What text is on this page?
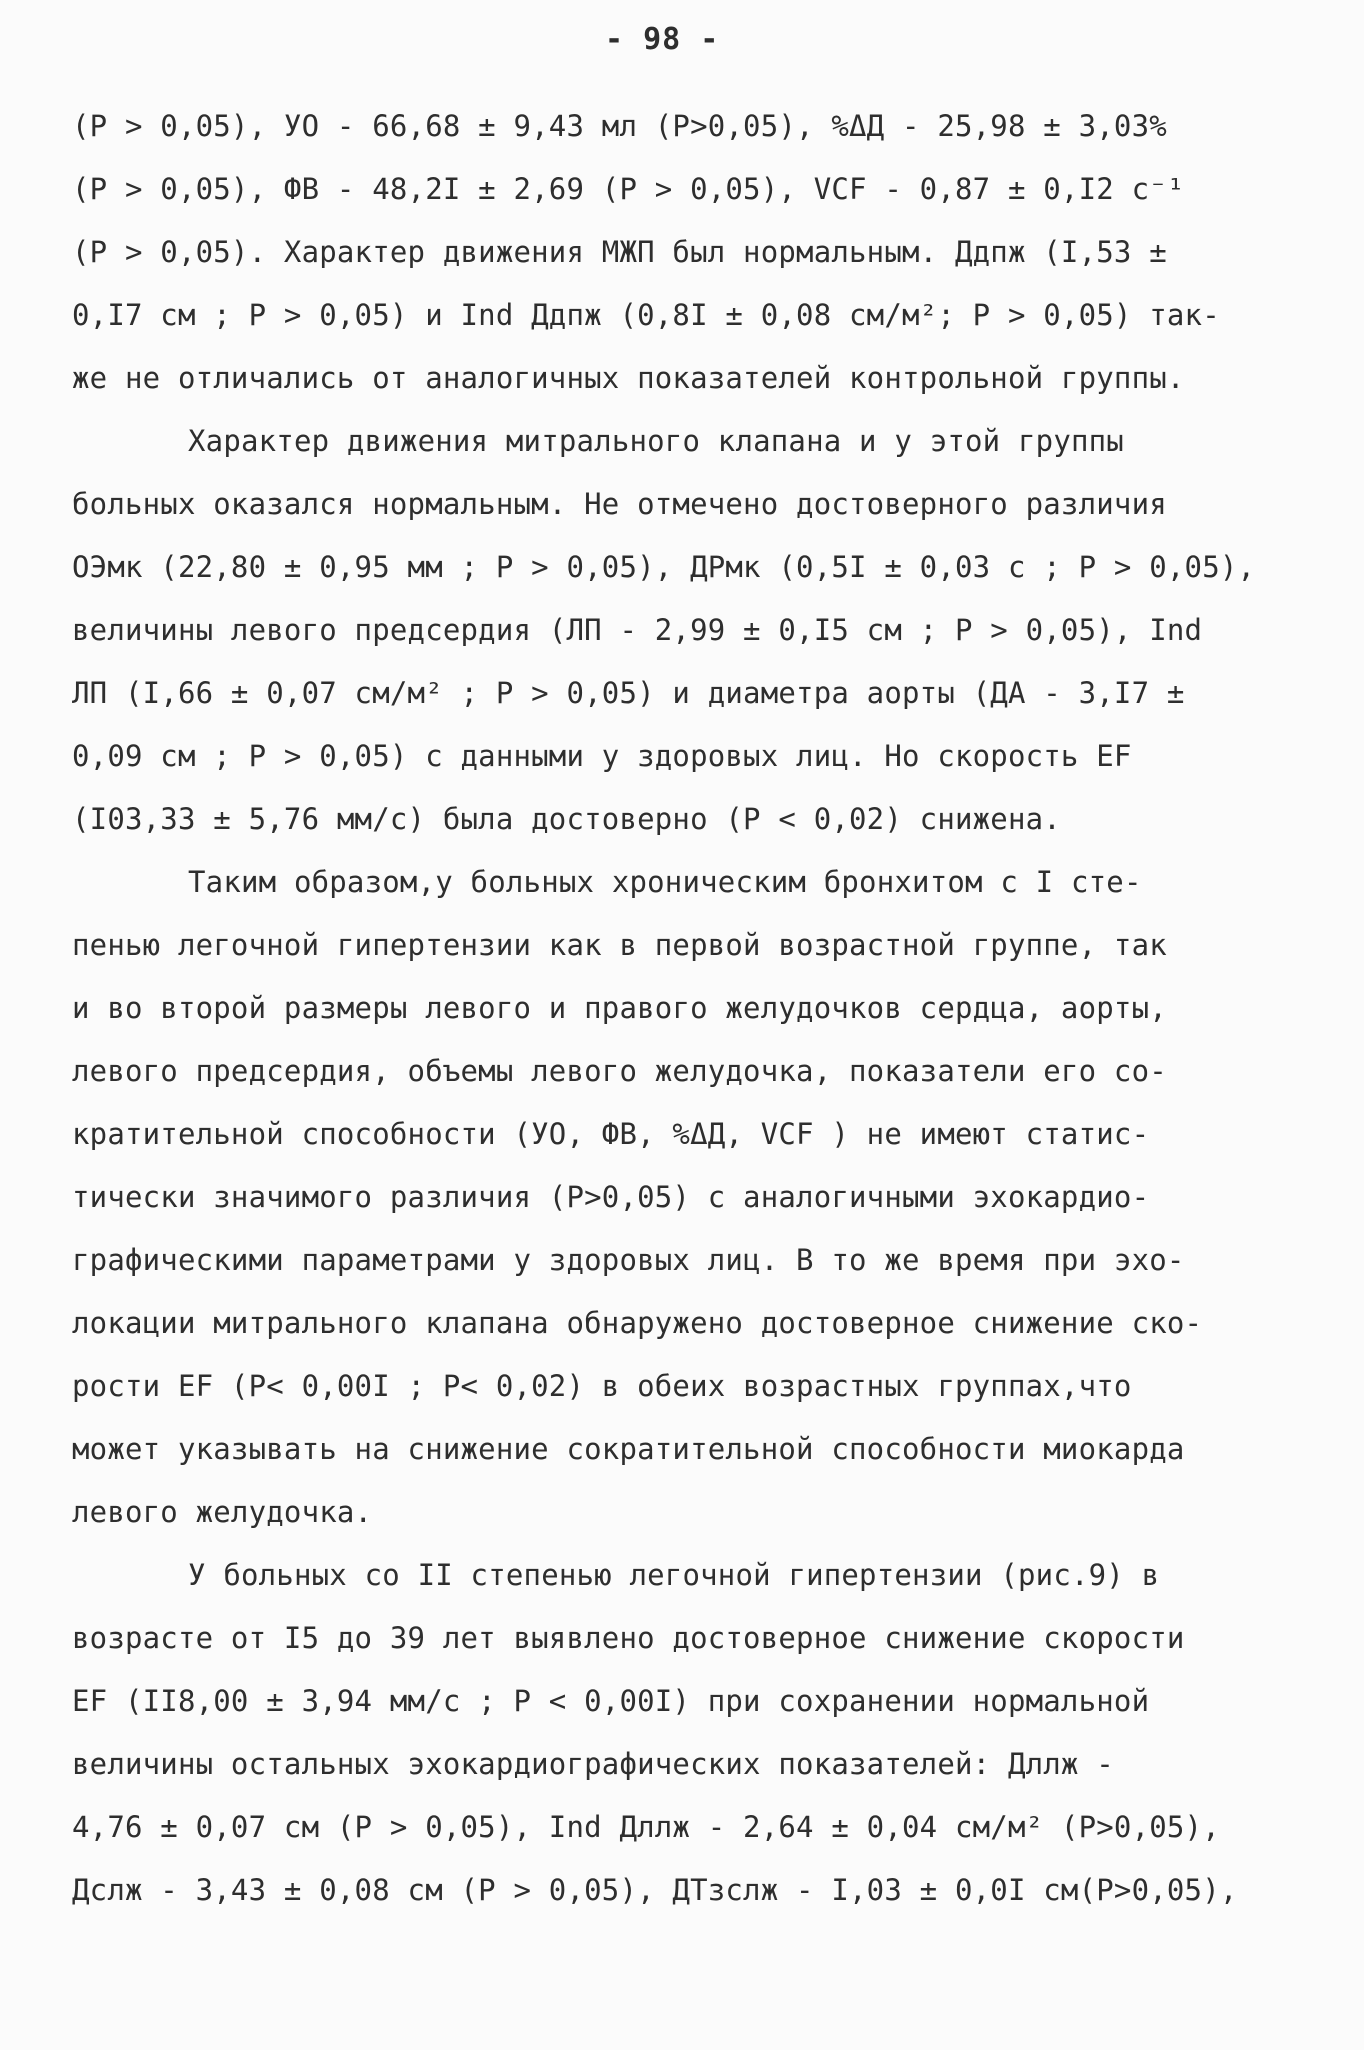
- 98 -
(P > 0,05), УО - 66,68 ± 9,43 мл (P>0,05), %ΔД - 25,98 ± 3,03%
(P > 0,05), ФВ - 48,2I ± 2,69 (P > 0,05), VCF - 0,87 ± 0,I2 c⁻¹
(P > 0,05). Характер движения МЖП был нормальным. Ддпж (I,53 ±
0,I7 см ; P > 0,05) и Ind Ддпж (0,8I ± 0,08 см/м²; P > 0,05) так-
же не отличались от аналогичных показателей контрольной группы.
Характер движения митрального клапана и у этой группы
больных оказался нормальным. Не отмечено достоверного различия
ОЭмк (22,80 ± 0,95 мм ; P > 0,05), ДРмк (0,5I ± 0,03 с ; P > 0,05),
величины левого предсердия (ЛП - 2,99 ± 0,I5 см ; P > 0,05), Ind
ЛП (I,66 ± 0,07 см/м² ; P > 0,05) и диаметра аорты (ДА - 3,I7 ±
0,09 см ; P > 0,05) с данными у здоровых лиц. Но скорость EF
(I03,33 ± 5,76 мм/с) была достоверно (P < 0,02) снижена.
Таким образом,у больных хроническим бронхитом с I сте-
пенью легочной гипертензии как в первой возрастной группе, так
и во второй размеры левого и правого желудочков сердца, аорты,
левого предсердия, объемы левого желудочка, показатели его со-
кратительной способности (УО, ФВ, %ΔД, VCF ) не имеют статис-
тически значимого различия (P>0,05) с аналогичными эхокардио-
графическими параметрами у здоровых лиц. В то же время при эхо-
локации митрального клапана обнаружено достоверное снижение ско-
рости EF (P< 0,00I ; P< 0,02) в обеих возрастных группах,что
может указывать на снижение сократительной способности миокарда
левого желудочка.
У больных со II степенью легочной гипертензии (рис.9) в
возрасте от I5 до 39 лет выявлено достоверное снижение скорости
EF (II8,00 ± 3,94 мм/с ; P < 0,00I) при сохранении нормальной
величины остальных эхокардиографических показателей: Дллж -
4,76 ± 0,07 см (P > 0,05), Ind Дллж - 2,64 ± 0,04 см/м² (P>0,05),
Дслж - 3,43 ± 0,08 см (P > 0,05), ДТзслж - I,03 ± 0,0I см(P>0,05),
